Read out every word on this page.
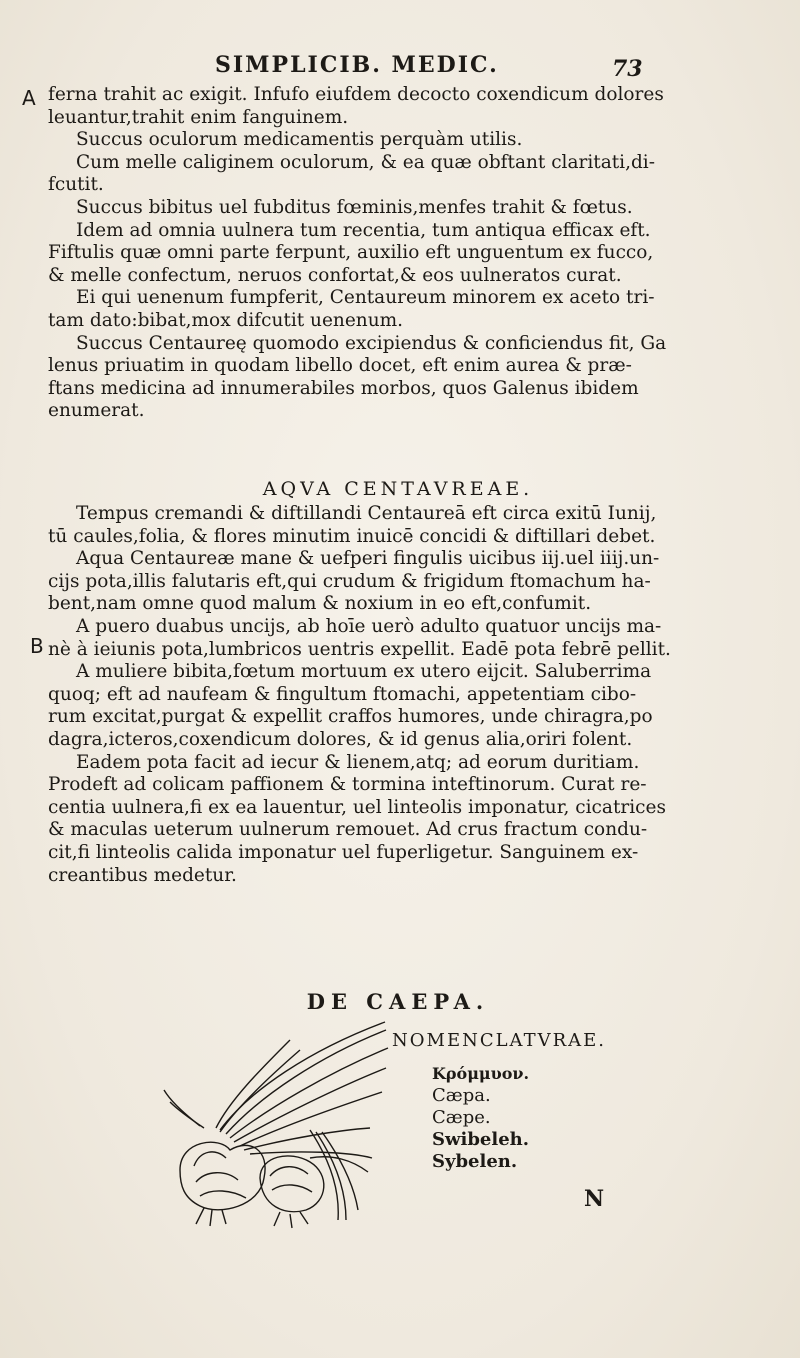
SIMPLICIB. MEDIC.	73
A
B

ferna trahit ac exigit. Infufo eiufdem decocto coxendicum dolores

leuantur,trahit enim fanguinem.

Succus oculorum medicamentis perquàm utilis.

Cum melle caliginem oculorum, & ea quæ obftant claritati,di-

fcutit.

Succus bibitus uel fubditus fœminis,menfes trahit & fœtus.

Idem ad omnia uulnera tum recentia, tum antiqua efficax eft.

Fiftulis quæ omni parte ferpunt, auxilio eft unguentum ex fucco,

& melle confectum, neruos confortat,& eos uulneratos curat.

Ei qui uenenum fumpferit, Centaureum minorem ex aceto tri-

tam dato:bibat,mox difcutit uenenum.

Succus Centaureę quomodo excipiendus & conficiendus fit, Ga

lenus priuatim in quodam libello docet, eft enim aurea & præ-

ftans medicina ad innumerabiles morbos, quos Galenus ibidem

enumerat.

AQVA CENTAVREAE.

Tempus cremandi & diftillandi Centaureā eft circa exitū Iunij,

tū caules,folia, & flores minutim inuicē concidi & diftillari debet.

Aqua Centaureæ mane & uefperi fingulis uicibus iij.uel iiij.un-

cijs pota,illis falutaris eft,qui crudum & frigidum ftomachum ha-

bent,nam omne quod malum & noxium in eo eft,confumit.

A puero duabus uncijs, ab hoīe uerò adulto quatuor uncijs ma-

nè à ieiunis pota,lumbricos uentris expellit. Eadē pota febrē pellit.

A muliere bibita,fœtum mortuum ex utero eijcit. Saluberrima

quoq; eft ad naufeam & fingultum ftomachi, appetentiam cibo-

rum excitat,purgat & expellit craffos humores, unde chiragra,po

dagra,icteros,coxendicum dolores, & id genus alia,oriri folent.

Eadem pota facit ad iecur & lienem,atq; ad eorum duritiam.

Prodeft ad colicam paffionem & tormina inteftinorum. Curat re-

centia uulnera,fi ex ea lauentur, uel linteolis imponatur, cicatrices

& maculas ueterum uulnerum remouet. Ad crus fractum condu-

cit,fi linteolis calida imponatur uel fuperligetur. Sanguinem ex-

creantibus medetur.

DE CAEPA.
NOMENCLATVRAE.
Κρόμμυον.
Cæpa.
Cæpe.
Swibeleh.
Sybelen.
N
